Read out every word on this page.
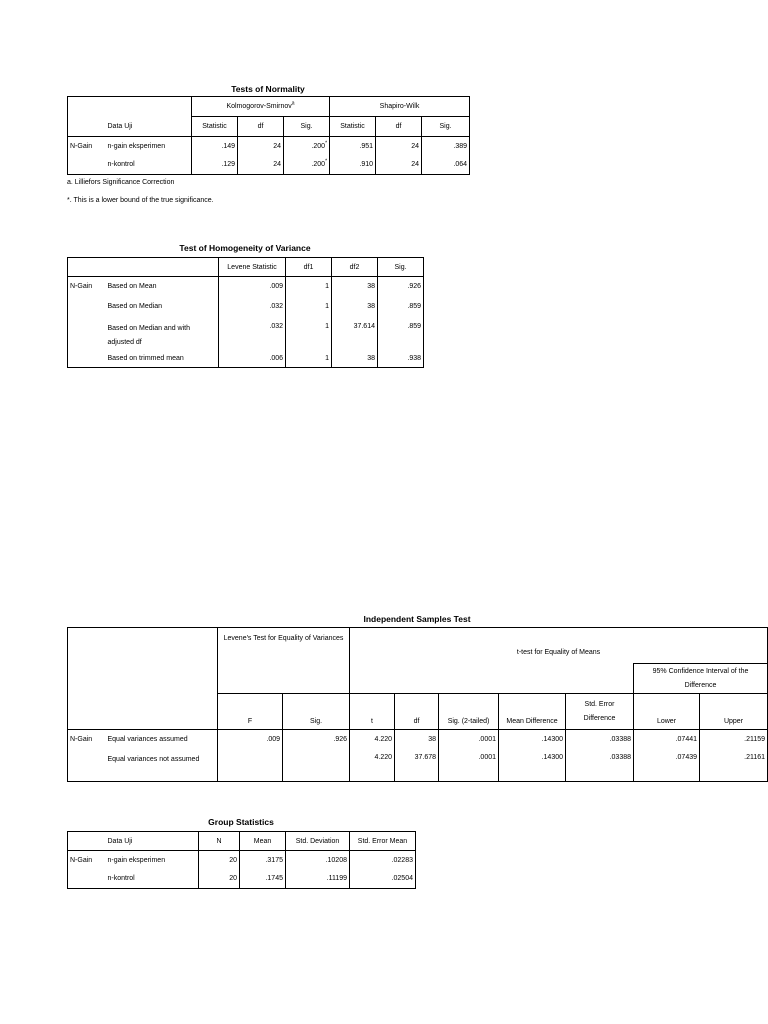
Tests of Normality
		Kolmogorov-Smirnov$^a$			Shapiro-Wilk		
	Data Uji	Statistic	df	Sig.	Statistic	df	Sig.
N-Gain	n-gain eksperimen	.149	24	.200*	.951	24	.389
	n-kontrol	.129	24	.200*	.910	24	.064
a. Lilliefors Significance Correction
*. This is a lower bound of the true significance.
Test of Homogeneity of Variance
		Levene Statistic	df1	df2	Sig.
N-Gain	Based on Mean	.009	1	38	.926
	Based on Median	.032	1	38	.859
	Based on Median and with adjusted df	.032	1	37.614	.859
	Based on trimmed mean	.006	1	38	.938
Independent Samples Test
		Levene's Test for Equality of Variances		t-test for Equality of Means						
									95% Confidence Interval of the Difference	
		F	Sig.	t	df	Sig. (2-tailed)	Mean Difference	Std. Error Difference	Lower	Upper
N-Gain	Equal variances assumed	.009	.926	4.220	38	.0001	.14300	.03388	.07441	.21159
	Equal variances not assumed			4.220	37.678	.0001	.14300	.03388	.07439	.21161
Group Statistics
	Data Uji	N	Mean	Std. Deviation	Std. Error Mean
N-Gain	n-gain eksperimen	20	.3175	.10208	.02283
	n-kontrol	20	.1745	.11199	.02504
